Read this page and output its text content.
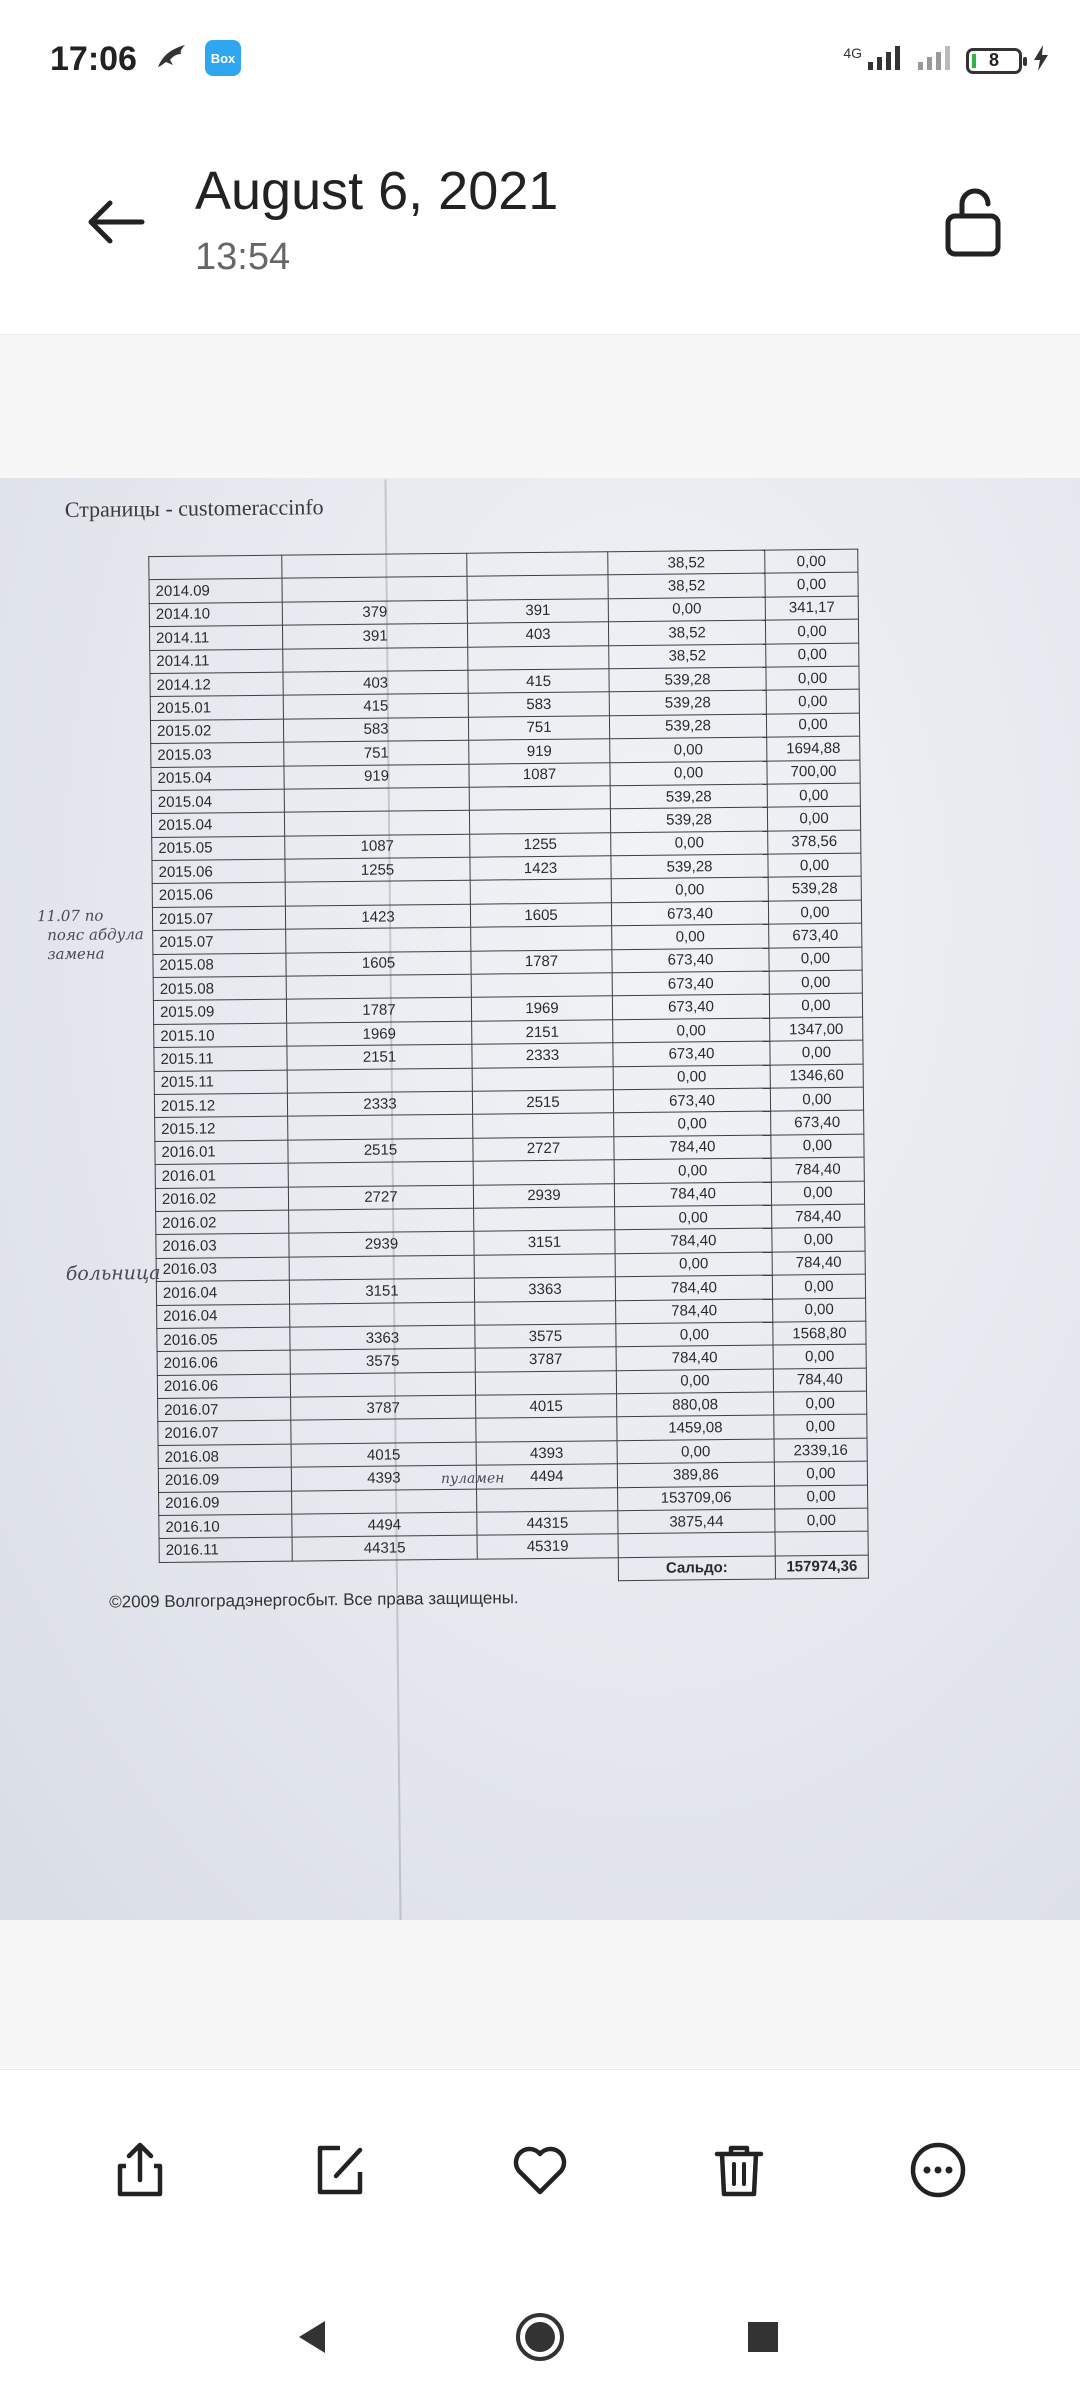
17:06	Box	4G	8
August 6, 2021
13:54
Страницы - customeraccinfo
			38,52	0,00
2014.09			38,52	0,00
2014.10	379	391	0,00	341,17
2014.11	391	403	38,52	0,00
2014.11			38,52	0,00
2014.12	403	415	539,28	0,00
2015.01	415	583	539,28	0,00
2015.02	583	751	539,28	0,00
2015.03	751	919	0,00	1694,88
2015.04	919	1087	0,00	700,00
2015.04			539,28	0,00
2015.04			539,28	0,00
2015.05	1087	1255	0,00	378,56
2015.06	1255	1423	539,28	0,00
2015.06			0,00	539,28
2015.07	1423	1605	673,40	0,00
2015.07			0,00	673,40
2015.08	1605	1787	673,40	0,00
2015.08			673,40	0,00
2015.09	1787	1969	673,40	0,00
2015.10	1969	2151	0,00	1347,00
2015.11	2151	2333	673,40	0,00
2015.11			0,00	1346,60
2015.12	2333	2515	673,40	0,00
2015.12			0,00	673,40
2016.01	2515	2727	784,40	0,00
2016.01			0,00	784,40
2016.02	2727	2939	784,40	0,00
2016.02			0,00	784,40
2016.03	2939	3151	784,40	0,00
2016.03			0,00	784,40
2016.04	3151	3363	784,40	0,00
2016.04			784,40	0,00
2016.05	3363	3575	0,00	1568,80
2016.06	3575	3787	784,40	0,00
2016.06			0,00	784,40
2016.07	3787	4015	880,08	0,00
2016.07			1459,08	0,00
2016.08	4015	4393	0,00	2339,16
2016.09	4393	4494	389,86	0,00
2016.09			153709,06	0,00
2016.10	4494	44315	3875,44	0,00
2016.11	44315	45319		
			Сальдо:	157974,36
11.07 по
пояс абдула
замена
больница
пуламен
©2009 Волгоградэнергосбыт. Все права защищены.
